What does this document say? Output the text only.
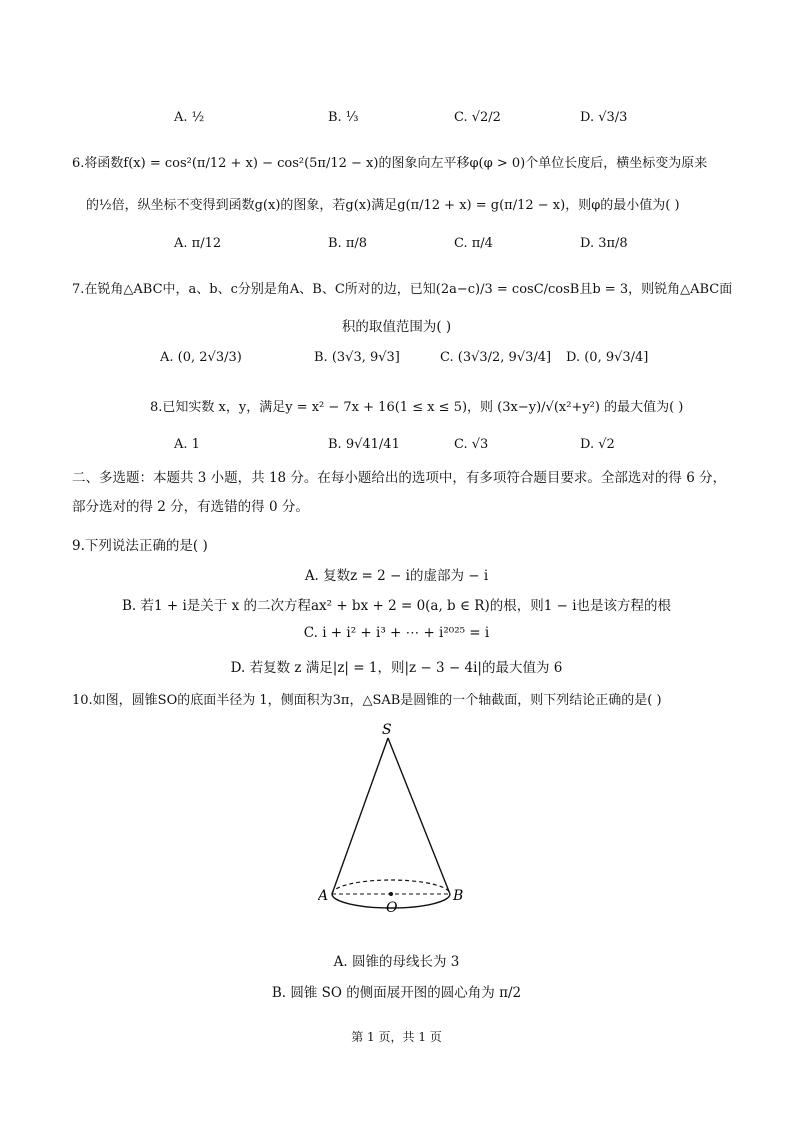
A. ½	B. ⅓	C. √2/2	D. √3/3
6.将函数f(x) = cos²(π/12 + x) − cos²(5π/12 − x)的图象向左平移φ(φ > 0)个单位长度后，横坐标变为原来
的½倍，纵坐标不变得到函数g(x)的图象，若g(x)满足g(π/12 + x) = g(π/12 − x)，则φ的最小值为( )
A. π/12	B. π/8	C. π/4	D. 3π/8
7.在锐角△ABC中，a、b、c分别是角A、B、C所对的边，已知(2a−c)/3 = cosC/cosB且b = 3，则锐角△ABC面
积的取值范围为( )
A. (0, 2√3/3)	B. (3√3, 9√3]	C. (3√3/2, 9√3/4] D. (0, 9√3/4]
8.已知实数 x，y，满足y = x² − 7x + 16(1 ≤ x ≤ 5)，则 (3x−y)/√(x²+y²) 的最大值为( )
A. 1	B. 9√41/41	C. √3	D. √2
二、多选题：本题共 3 小题，共 18 分。在每小题给出的选项中，有多项符合题目要求。全部选对的得 6 分，部分选对的得 2 分，有选错的得 0 分。
9.下列说法正确的是( )
A. 复数z = 2 − i的虚部为 − i
B. 若1 + i是关于 x 的二次方程ax² + bx + 2 = 0(a, b ∈ R)的根，则1 − i也是该方程的根
C. i + i² + i³ + ⋯ + i²⁰²⁵ = i
D. 若复数 z 满足|z| = 1，则|z − 3 − 4i|的最大值为 6
10.如图，圆锥SO的底面半径为 1，侧面积为3π，△SAB是圆锥的一个轴截面，则下列结论正确的是( )
S
A	B
O
A. 圆锥的母线长为 3
B. 圆锥 SO 的侧面展开图的圆心角为 π/2
第 1 页，共 1 页
